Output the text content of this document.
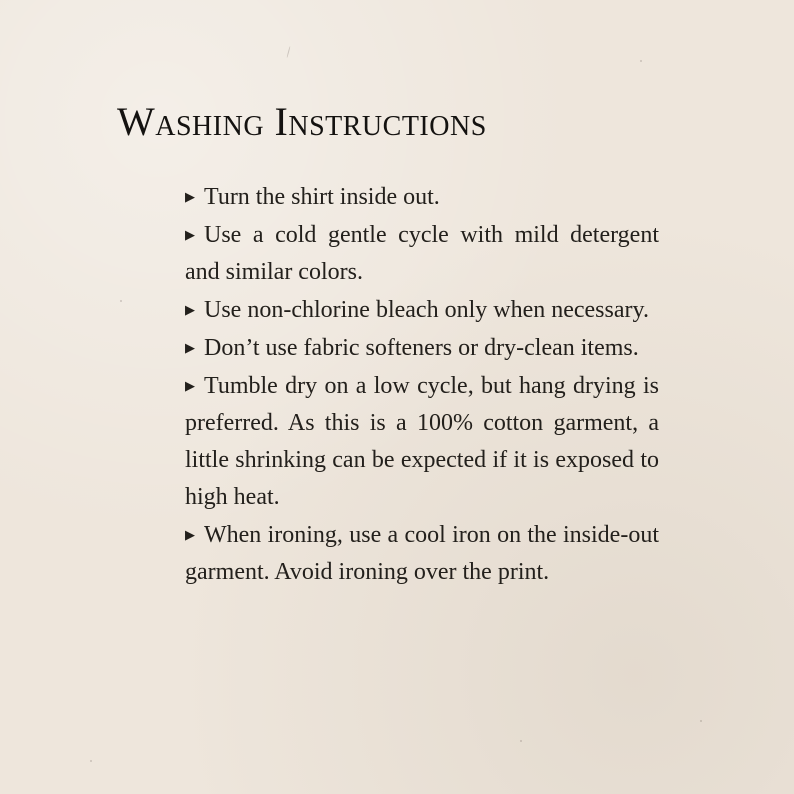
Washing Instructions
▶ Turn the shirt inside out.
▶ Use a cold gentle cycle with mild detergent and similar colors.
▶ Use non-chlorine bleach only when necessary.
▶ Don’t use fabric softeners or dry-clean items.
▶ Tumble dry on a low cycle, but hang drying is preferred. As this is a 100% cotton garment, a little shrinking can be expected if it is exposed to high heat.
▶ When ironing, use a cool iron on the inside-out garment. Avoid ironing over the print.
